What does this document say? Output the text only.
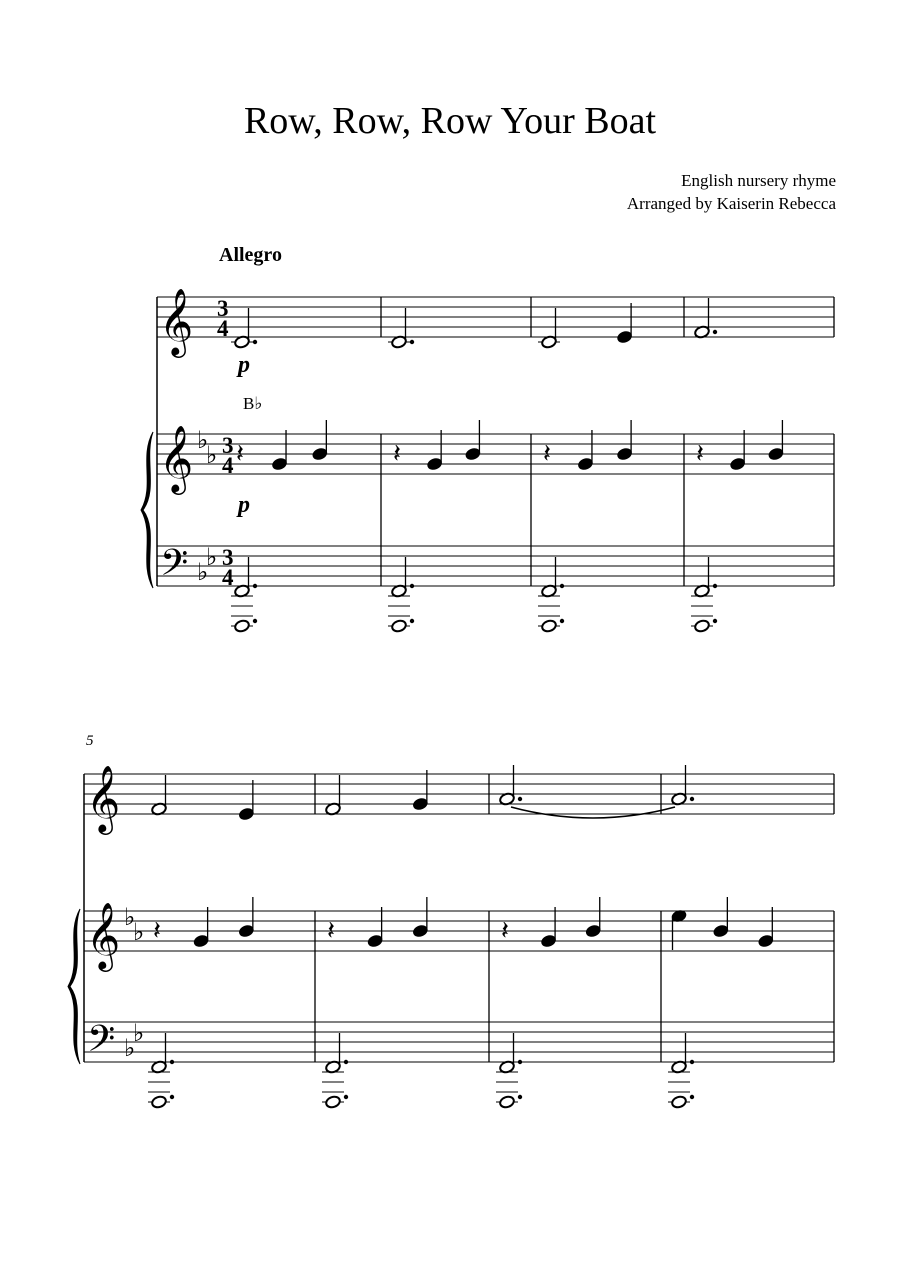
Row, Row, Row Your Boat
English nursery rhyme
Arranged by Kaiserin Rebecca
Allegro
B♭
5
𝄞
𝄞
𝄢
♭
♭
♭
♭
3
4
3
4
3
4
𝄽	𝄽	𝄽	𝄽
𝄞
𝄞
𝄢
♭
♭
♭
♭
𝄽	𝄽	𝄽
p
p
